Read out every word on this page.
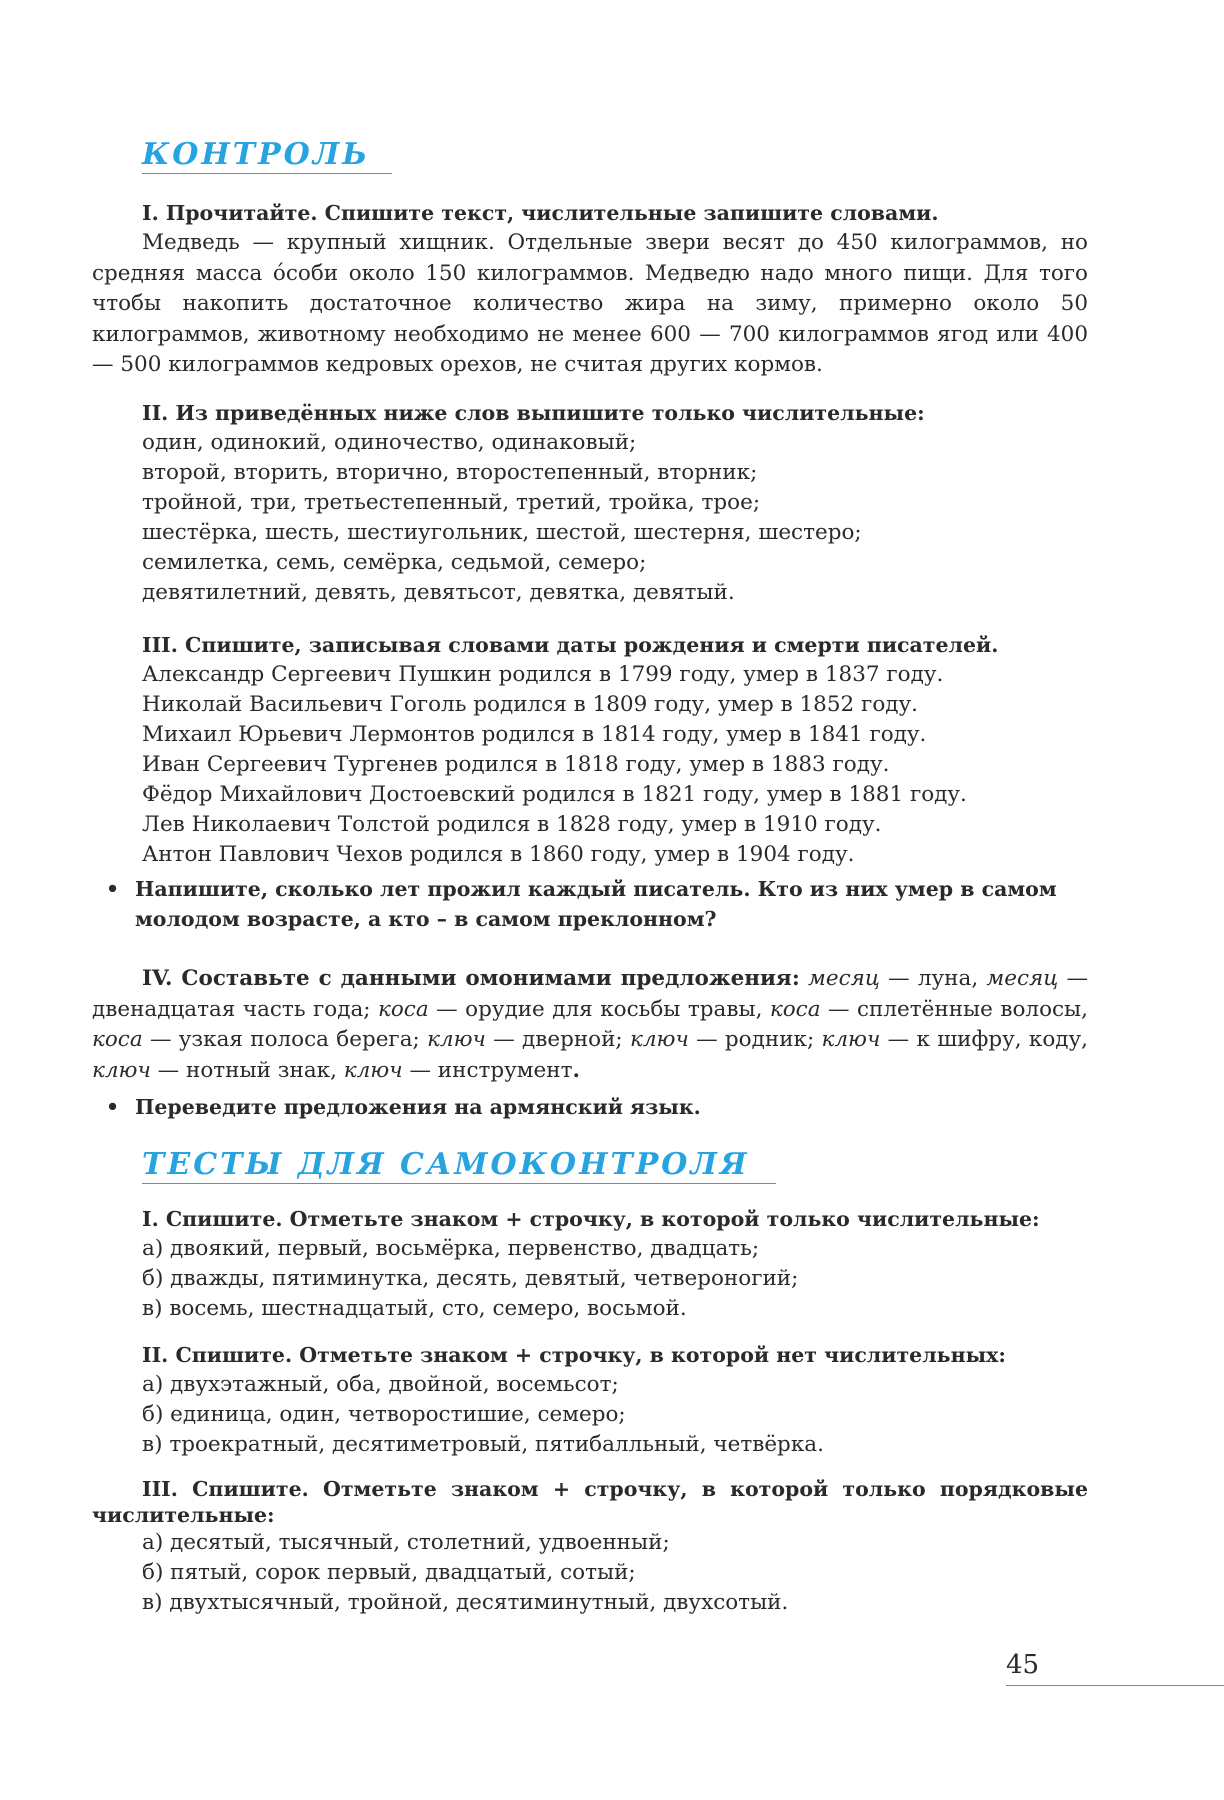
КОНТРОЛЬ

I. Прочитайте. Спишите текст, числительные запишите словами.

Медведь — крупный хищник. Отдельные звери весят до 450 килограммов, но средняя масса о́соби около 150 килограммов. Медведю надо много пищи. Для того чтобы накопить достаточное количество жира на зиму, примерно около 50 килограммов, животному необходимо не менее 600 — 700 килограммов ягод или 400 — 500 килограммов кедровых орехов, не считая других кормов.

II. Из приведённых ниже слов выпишите только числительные:

один, одинокий, одиночество, одинаковый;

второй, вторить, вторично, второстепенный, вторник;

тройной, три, третьестепенный, третий, тройка, трое;

шестёрка, шесть, шестиугольник, шестой, шестерня, шестеро;

семилетка, семь, семёрка, седьмой, семеро;

девятилетний, девять, девятьсот, девятка, девятый.

III. Спишите, записывая словами даты рождения и смерти писателей.

Александр Сергеевич Пушкин родился в 1799 году, умер в 1837 году.

Николай Васильевич Гоголь родился в 1809 году, умер в 1852 году.

Михаил Юрьевич Лермонтов родился в 1814 году, умер в 1841 году.

Иван Сергеевич Тургенев родился в 1818 году, умер в 1883 году.

Фёдор Михайлович Достоевский родился в 1821 году, умер в 1881 году.

Лев Николаевич Толстой родился в 1828 году, умер в 1910 году.

Антон Павлович Чехов родился в 1860 году, умер в 1904 году.

• Напишите, сколько лет прожил каждый писатель. Кто из них умер в самом молодом возрасте, а кто – в самом преклонном?

IV. Составьте с данными омонимами предложения: месяц — луна, месяц — двенадцатая часть года; коса — орудие для косьбы травы, коса — сплетённые волосы, коса — узкая полоса берега; ключ — дверной; ключ — родник; ключ — к шифру, коду, ключ — нотный знак, ключ — инструмент.

• Переведите предложения на армянский язык.

ТЕСТЫ ДЛЯ САМОКОНТРОЛЯ

I. Спишите. Отметьте знаком + строчку, в которой только числительные:

а) двоякий, первый, восьмёрка, первенство, двадцать;

б) дважды, пятиминутка, десять, девятый, четвероногий;

в) восемь, шестнадцатый, сто, семеро, восьмой.

II. Спишите. Отметьте знаком + строчку, в которой нет числительных:

а) двухэтажный, оба, двойной, восемьсот;

б) единица, один, четвоpостишие, семеро;

в) троекратный, десятиметровый, пятибалльный, четвёрка.

III. Спишите. Отметьте знаком + строчку, в которой только порядковые числительные:

а) десятый, тысячный, столетний, удвоенный;

б) пятый, сорок первый, двадцатый, сотый;

в) двухтысячный, тройной, десятиминутный, двухсотый.

45
